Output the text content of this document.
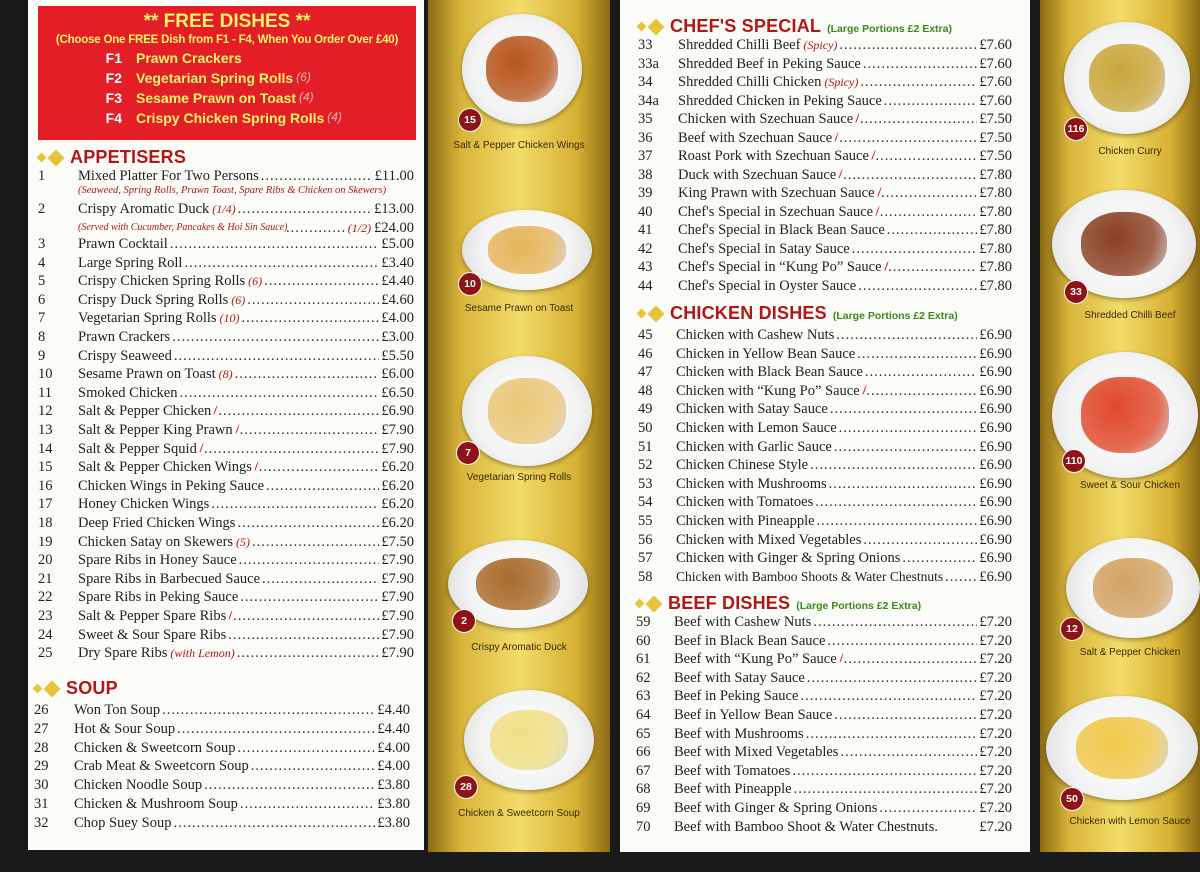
** FREE DISHES **
(Choose One FREE Dish from F1 - F4, When You Order Over £40)
F1	Prawn Crackers
F2	Vegetarian Spring Rolls (6)
F3	Sesame Prawn on Toast (4)
F4	Crispy Chicken Spring Rolls (4)
APPETISERS
1	Mixed Platter For Two Persons .....	£11.00
2	Crispy Aromatic Duck (1/4) .....	£13.00
3	Prawn Cocktail .....	£5.00
4	Large Spring Roll .....	£3.40
5	Crispy Chicken Spring Rolls (6) .....	£4.40
6	Crispy Duck Spring Rolls (6) .....	£4.60
7	Vegetarian Spring Rolls (10) .....	£4.00
8	Prawn Crackers .....	£3.00
9	Crispy Seaweed .....	£5.50
10	Sesame Prawn on Toast (8) .....	£6.00
11	Smoked Chicken .....	£6.50
12	Salt & Pepper Chicken .....	£6.90
13	Salt & Pepper King Prawn .....	£7.90
14	Salt & Pepper Squid .....	£7.90
15	Salt & Pepper Chicken Wings .....	£6.20
16	Chicken Wings in Peking Sauce .....	£6.20
17	Honey Chicken Wings .....	£6.20
18	Deep Fried Chicken Wings .....	£6.20
19	Chicken Satay on Skewers (5) .....	£7.50
20	Spare Ribs in Honey Sauce .....	£7.90
21	Spare Ribs in Barbecued Sauce .....	£7.90
22	Spare Ribs in Peking Sauce .....	£7.90
23	Salt & Pepper Spare Ribs .....	£7.90
24	Sweet & Sour Spare Ribs .....	£7.90
25	Dry Spare Ribs (with Lemon) .....	£7.90
(Seaweed, Spring Rolls, Prawn Toast, Spare Ribs & Chicken on Skewers)
(Served with Cucumber, Pancakes & Hoi Sin Sauce) .....	(1/2) £24.00
SOUP
26	Won Ton Soup .....	£4.40
27	Hot & Sour Soup .....	£4.40
28	Chicken & Sweetcorn Soup .....	£4.00
29	Crab Meat & Sweetcorn Soup .....	£4.00
30	Chicken Noodle Soup .....	£3.80
31	Chicken & Mushroom Soup .....	£3.80
32	Chop Suey Soup .....	£3.80
15
Salt & Pepper Chicken Wings
10
Sesame Prawn on Toast
7
Vegetarian Spring Rolls
2
Crispy Aromatic Duck
28
Chicken & Sweetcorn Soup
CHEF'S SPECIAL (Large Portions £2 Extra)
33	Shredded Chilli Beef (Spicy) .....	£7.60
33a	Shredded Beef in Peking Sauce .....	£7.60
34	Shredded Chilli Chicken (Spicy) .....	£7.60
34a	Shredded Chicken in Peking Sauce .....	£7.60
35	Chicken with Szechuan Sauce .....	£7.50
36	Beef with Szechuan Sauce .....	£7.50
37	Roast Pork with Szechuan Sauce .....	£7.50
38	Duck with Szechuan Sauce .....	£7.80
39	King Prawn with Szechuan Sauce .....	£7.80
40	Chef's Special in Szechuan Sauce .....	£7.80
41	Chef's Special in Black Bean Sauce .....	£7.80
42	Chef's Special in Satay Sauce .....	£7.80
43	Chef's Special in “Kung Po” Sauce .....	£7.80
44	Chef's Special in Oyster Sauce .....	£7.80
CHICKEN DISHES (Large Portions £2 Extra)
45	Chicken with Cashew Nuts .....	£6.90
46	Chicken in Yellow Bean Sauce .....	£6.90
47	Chicken with Black Bean Sauce .....	£6.90
48	Chicken with “Kung Po” Sauce .....	£6.90
49	Chicken with Satay Sauce .....	£6.90
50	Chicken with Lemon Sauce .....	£6.90
51	Chicken with Garlic Sauce .....	£6.90
52	Chicken Chinese Style .....	£6.90
53	Chicken with Mushrooms .....	£6.90
54	Chicken with Tomatoes .....	£6.90
55	Chicken with Pineapple .....	£6.90
56	Chicken with Mixed Vegetables .....	£6.90
57	Chicken with Ginger & Spring Onions .....	£6.90
58	Chicken with Bamboo Shoots & Water Chestnuts ..... £6.90
BEEF DISHES (Large Portions £2 Extra)
59	Beef with Cashew Nuts .....	£7.20
60	Beef in Black Bean Sauce .....	£7.20
61	Beef with “Kung Po” Sauce .....	£7.20
62	Beef with Satay Sauce .....	£7.20
63	Beef in Peking Sauce .....	£7.20
64	Beef in Yellow Bean Sauce .....	£7.20
65	Beef with Mushrooms .....	£7.20
66	Beef with Mixed Vegetables .....	£7.20
67	Beef with Tomatoes .....	£7.20
68	Beef with Pineapple .....	£7.20
69	Beef with Ginger & Spring Onions .....	£7.20
70	Beef with Bamboo Shoot & Water Chestnuts .	£7.20
116
Chicken Curry
33
Shredded Chilli Beef
110
Sweet & Sour Chicken
12
Salt & Pepper Chicken
50
Chicken with Lemon Sauce
